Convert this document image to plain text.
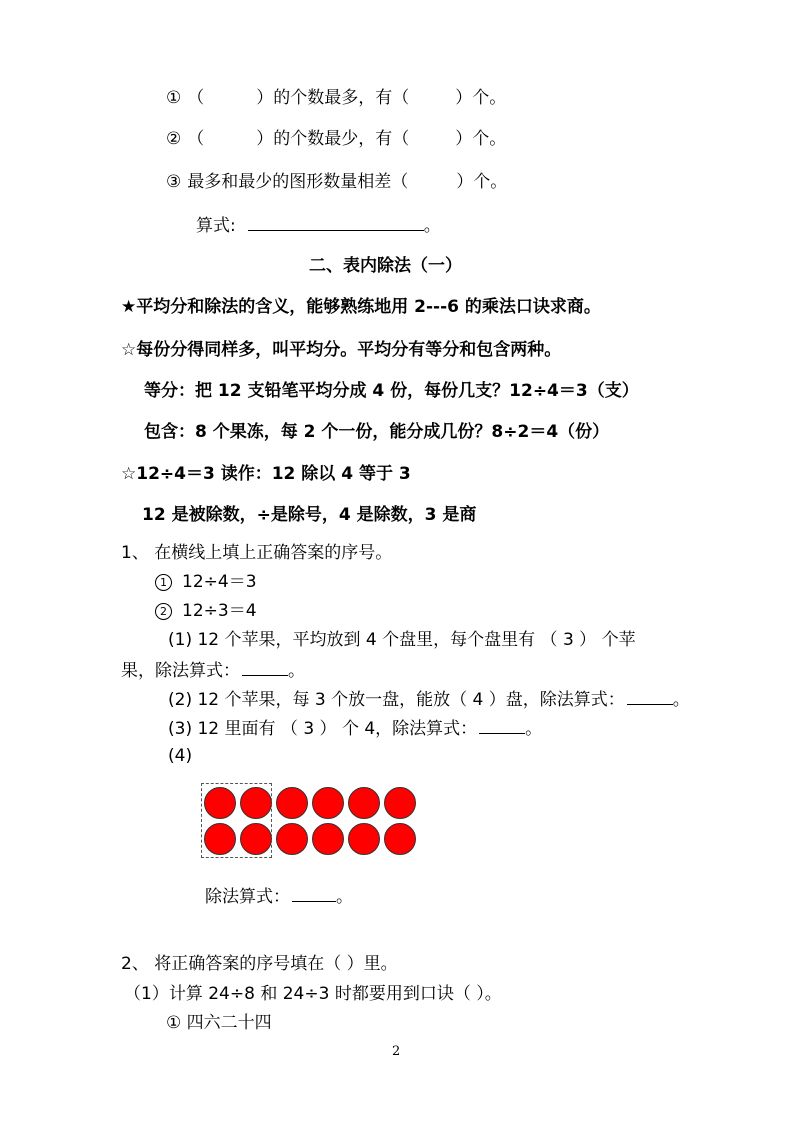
① （	）的个数最多，有（	）个。
② （	）的个数最少，有（	）个。
③ 最多和最少的图形数量相差（	）个。
算式:	。
二、表内除法（一）
★平均分和除法的含义，能够熟练地用 2---6 的乘法口诀求商。
☆每份分得同样多，叫平均分。平均分有等分和包含两种。
等分：把 12 支铅笔平均分成 4 份，每份几支？12÷4＝3（支）
包含：8 个果冻，每 2 个一份，能分成几份？8÷2＝4（份）
☆12÷4＝3 读作：12 除以 4 等于 3
12 是被除数，÷是除号，4 是除数，3 是商
1、 在横线上填上正确答案的序号。
1 12÷4＝3
2 12÷3＝4
(1) 12 个苹果，平均放到 4 个盘里，每个盘里有 （ 3 ） 个苹
果，除法算式：	。
(2) 12 个苹果，每 3 个放一盘，能放（ 4 ）盘，除法算式：	。
(3) 12 里面有 （ 3 ） 个 4，除法算式：	。
(4)
除法算式：	。
2、 将正确答案的序号填在（ ）里。
（1）计算 24÷8 和 24÷3 时都要用到口诀（ ）。
① 四六二十四
2
